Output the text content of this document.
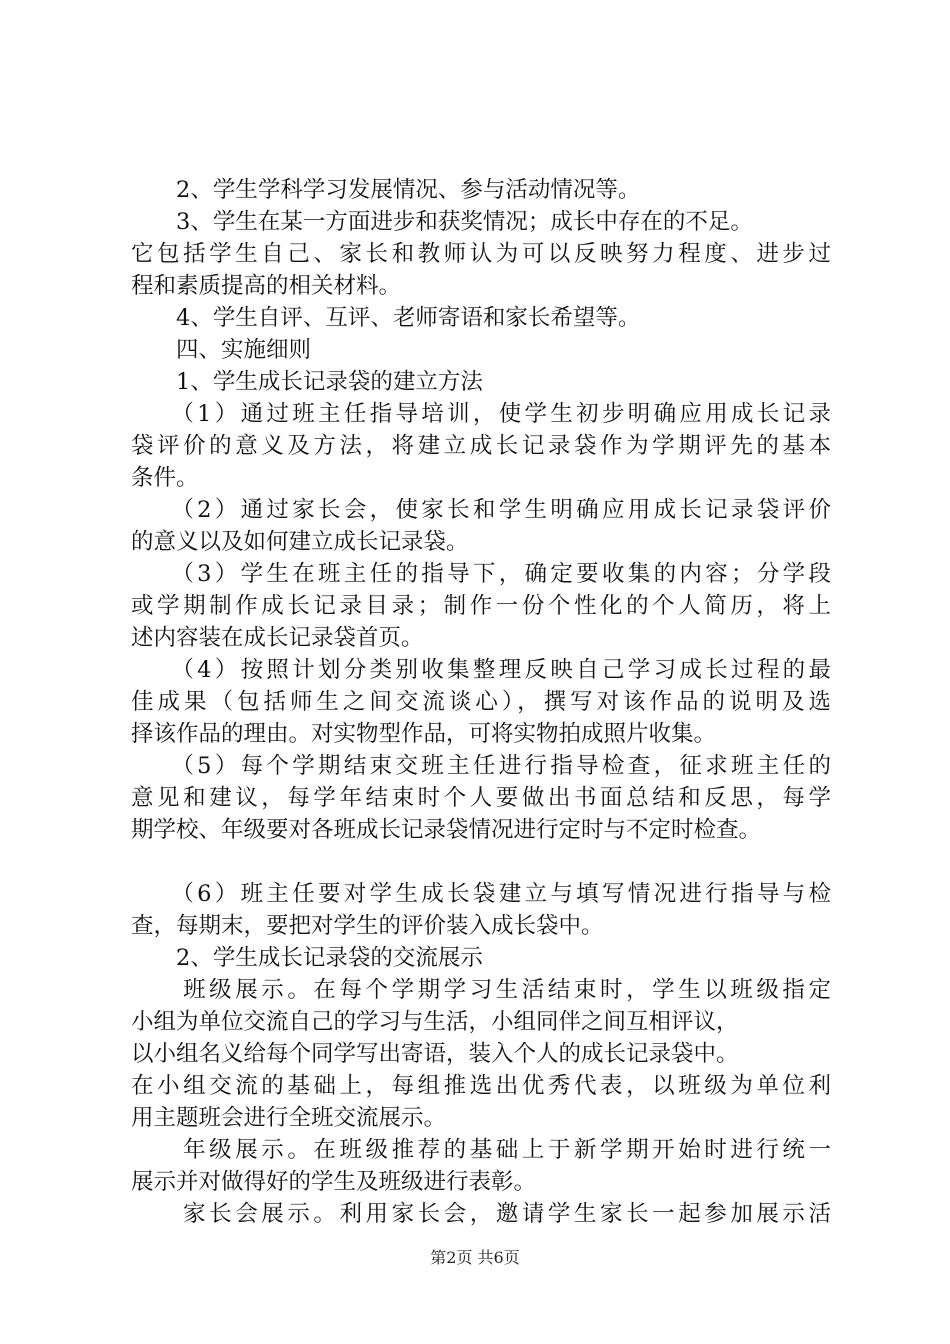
　　2、学生学科学习发展情况、参与活动情况等。
　　3、学生在某一方面进步和获奖情况；成长中存在的不足。
它包括学生自己、家长和教师认为可以反映努力程度、进步过
程和素质提高的相关材料。
　　4、学生自评、互评、老师寄语和家长希望等。
　　四、实施细则
　　1、学生成长记录袋的建立方法
　　（1）通过班主任指导培训，使学生初步明确应用成长记录
袋评价的意义及方法，将建立成长记录袋作为学期评先的基本
条件。
　　（2）通过家长会，使家长和学生明确应用成长记录袋评价
的意义以及如何建立成长记录袋。
　　（3）学生在班主任的指导下，确定要收集的内容；分学段
或学期制作成长记录目录；制作一份个性化的个人简历，将上
述内容装在成长记录袋首页。
　　（4）按照计划分类别收集整理反映自己学习成长过程的最
佳成果（包括师生之间交流谈心），撰写对该作品的说明及选
择该作品的理由。对实物型作品，可将实物拍成照片收集。
　　（5）每个学期结束交班主任进行指导检查，征求班主任的
意见和建议，每学年结束时个人要做出书面总结和反思，每学
期学校、年级要对各班成长记录袋情况进行定时与不定时检查。
　　（6）班主任要对学生成长袋建立与填写情况进行指导与检
查，每期末，要把对学生的评价装入成长袋中。
　　2、学生成长记录袋的交流展示
　　班级展示。在每个学期学习生活结束时，学生以班级指定
小组为单位交流自己的学习与生活，小组同伴之间互相评议，
以小组名义给每个同学写出寄语，装入个人的成长记录袋中。
在小组交流的基础上，每组推选出优秀代表，以班级为单位利
用主题班会进行全班交流展示。
　　年级展示。在班级推荐的基础上于新学期开始时进行统一
展示并对做得好的学生及班级进行表彰。
　　家长会展示。利用家长会，邀请学生家长一起参加展示活
第2页 共6页
